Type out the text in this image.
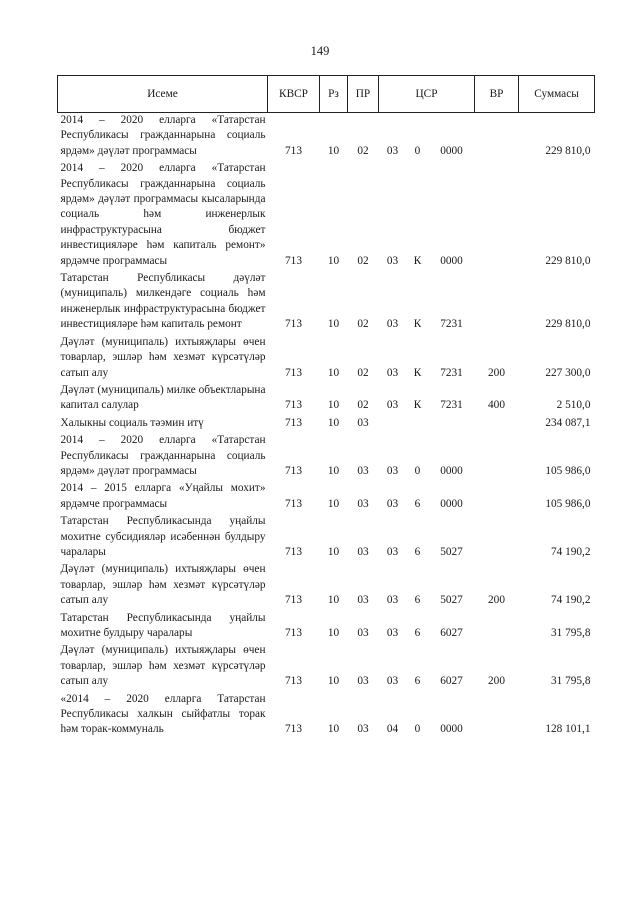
149
Исеме	КВСР	Рз	ПР	ЦСР			ВР	Суммасы
2014 – 2020 елларга «Татарстан Республикасы гражданнарына социаль ярдәм» дәүләт программасы	713	10	02	03	0	0000		229 810,0
2014 – 2020 елларга «Татарстан Республикасы гражданнарына социаль ярдәм» дәүләт программасы кысаларында социаль һәм инженерлык инфраструктурасына бюджет инвестицияләре һәм капиталь ремонт» ярдәмче программасы	713	10	02	03	К	0000		229 810,0
Татарстан Республикасы дәүләт (муниципаль) милкендәге социаль һәм инженерлык инфраструктурасына бюджет инвестицияләре һәм капиталь ремонт	713	10	02	03	К	7231		229 810,0
Дәүләт (муниципаль) ихтыяҗлары өчен товарлар, эшләр һәм хезмәт күрсәтүләр сатып алу	713	10	02	03	К	7231	200	227 300,0
Дәүләт (муниципаль) милке объектларына капитал салулар	713	10	02	03	К	7231	400	2 510,0
Халыкны социаль тәэмин итү	713	10	03					234 087,1
2014 – 2020 елларга «Татарстан Республикасы гражданнарына социаль ярдәм» дәүләт программасы	713	10	03	03	0	0000		105 986,0
2014 – 2015 елларга «Уңайлы мохит» ярдәмче программасы	713	10	03	03	6	0000		105 986,0
Татарстан Республикасында уңайлы мохитне субсидияләр исәбеннән булдыру чаралары	713	10	03	03	6	5027		74 190,2
Дәүләт (муниципаль) ихтыяҗлары өчен товарлар, эшләр һәм хезмәт күрсәтүләр сатып алу	713	10	03	03	6	5027	200	74 190,2
Татарстан Республикасында уңайлы мохитне булдыру чаралары	713	10	03	03	6	6027		31 795,8
Дәүләт (муниципаль) ихтыяҗлары өчен товарлар, эшләр һәм хезмәт күрсәтүләр сатып алу	713	10	03	03	6	6027	200	31 795,8
«2014 – 2020 елларга Татарстан Республикасы халкын сыйфатлы торак һәм торак-коммуналь	713	10	03	04	0	0000		128 101,1
